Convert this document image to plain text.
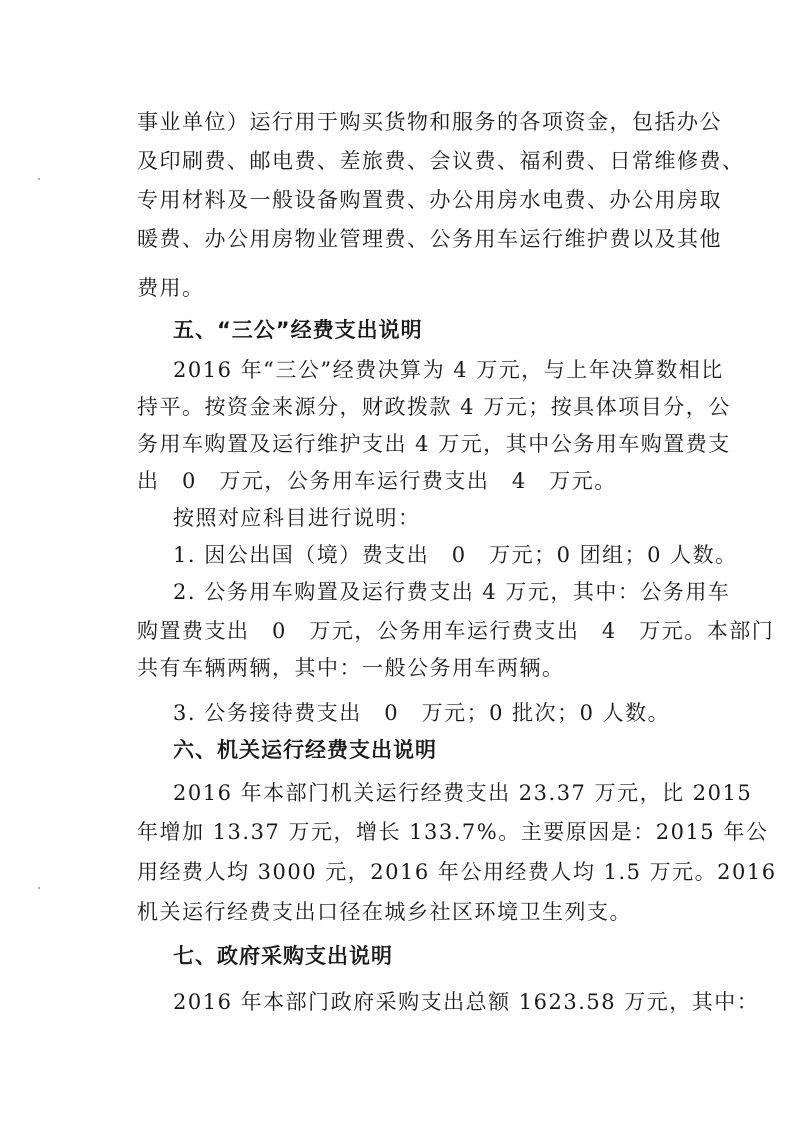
事业单位）运行用于购买货物和服务的各项资金，包括办公
及印刷费、邮电费、差旅费、会议费、福利费、日常维修费、
专用材料及一般设备购置费、办公用房水电费、办公用房取
暖费、办公用房物业管理费、公务用车运行维护费以及其他
费用。
五、“三公”经费支出说明
2016 年“三公”经费决算为 4 万元，与上年决算数相比
持平。按资金来源分，财政拨款 4 万元；按具体项目分，公
务用车购置及运行维护支出 4 万元，其中公务用车购置费支
出　0　万元，公务用车运行费支出　4　万元。
按照对应科目进行说明：
1. 因公出国（境）费支出　0　万元；0 团组；0 人数。
2. 公务用车购置及运行费支出 4 万元，其中：公务用车
购置费支出　0　万元，公务用车运行费支出　4　万元。本部门
共有车辆两辆，其中：一般公务用车两辆。
3. 公务接待费支出　0　万元；0 批次；0 人数。
六、机关运行经费支出说明
2016 年本部门机关运行经费支出 23.37 万元，比 2015
年增加 13.37 万元，增长 133.7%。主要原因是：2015 年公
用经费人均 3000 元，2016 年公用经费人均 1.5 万元。2016
机关运行经费支出口径在城乡社区环境卫生列支。
七、政府采购支出说明
2016 年本部门政府采购支出总额 1623.58 万元，其中：
